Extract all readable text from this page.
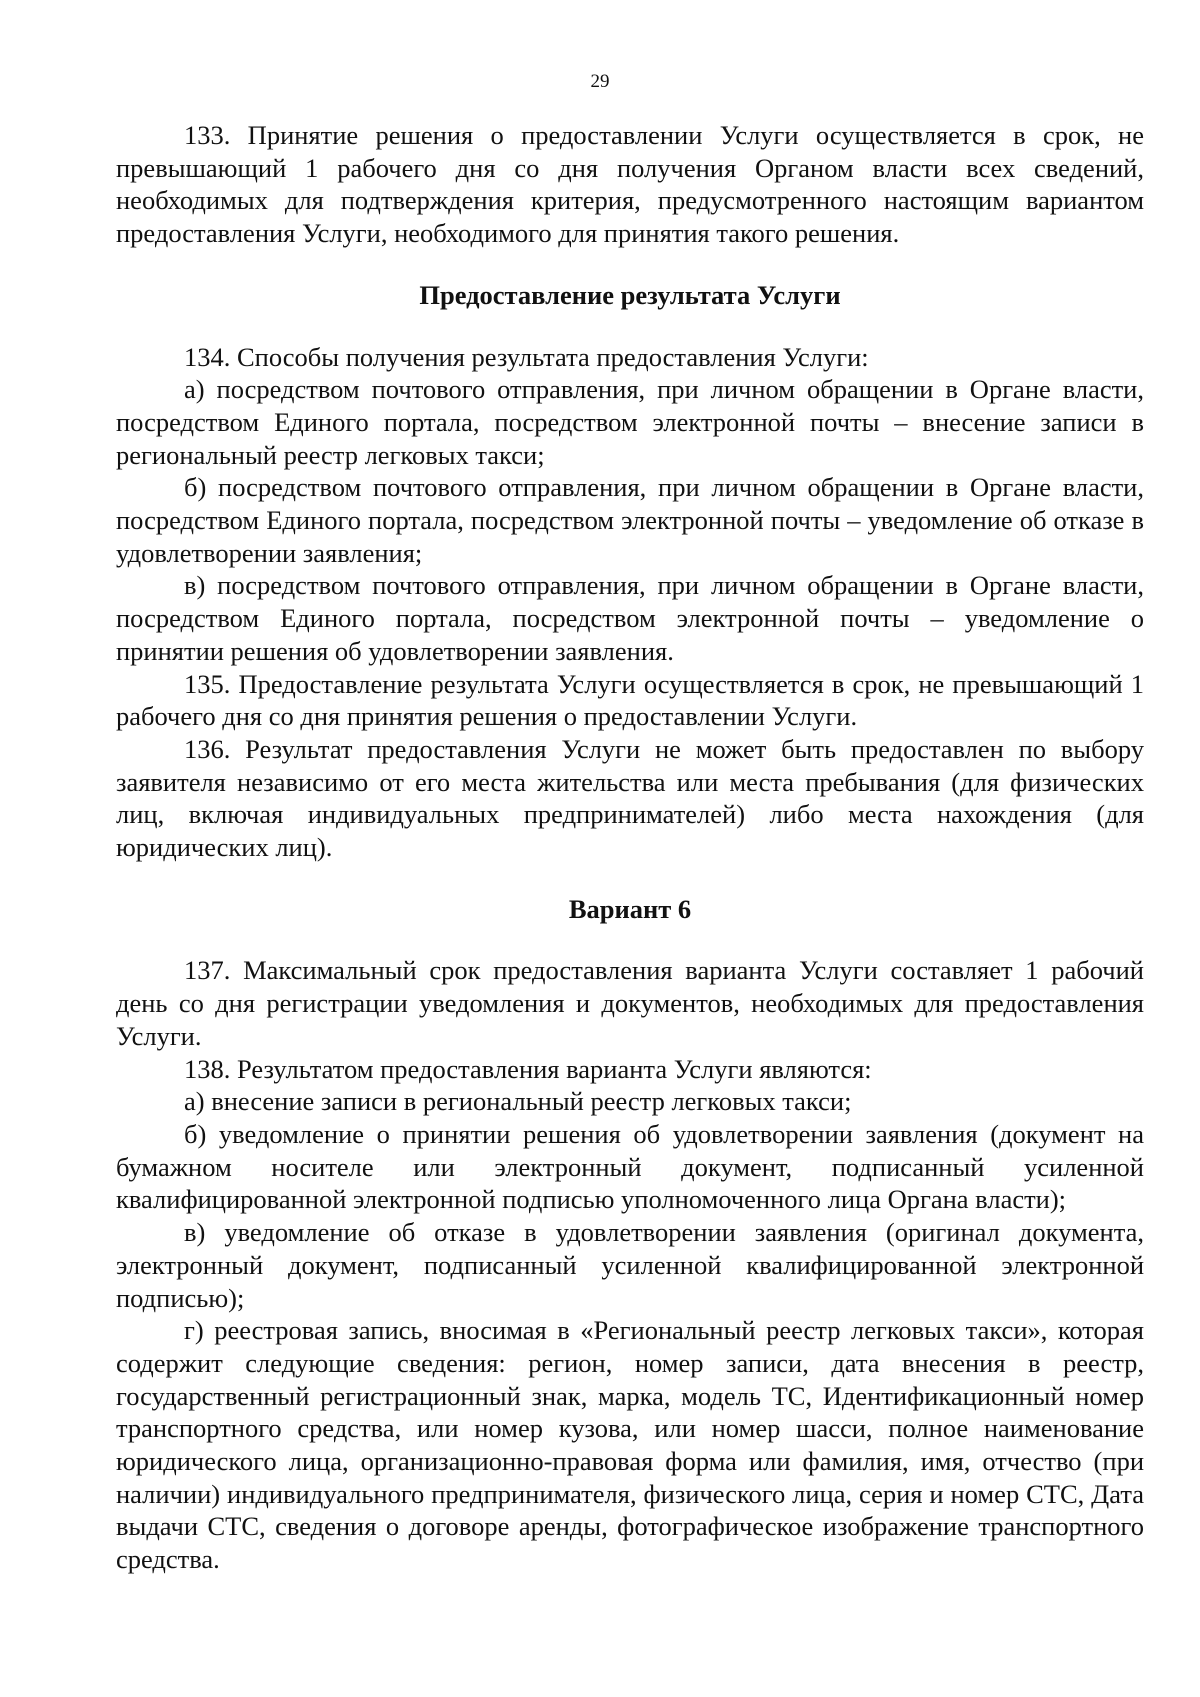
29

133. Принятие решения о предоставлении Услуги осуществляется в срок, не превышающий 1 рабочего дня со дня получения Органом власти всех сведений, необходимых для подтверждения критерия, предусмотренного настоящим вариантом предоставления Услуги, необходимого для принятия такого решения.

Предоставление результата Услуги

134. Способы получения результата предоставления Услуги:

а) посредством почтового отправления, при личном обращении в Органе власти, посредством Единого портала, посредством электронной почты – внесение записи в региональный реестр легковых такси;

б) посредством почтового отправления, при личном обращении в Органе власти, посредством Единого портала, посредством электронной почты – уведомление об отказе в удовлетворении заявления;

в) посредством почтового отправления, при личном обращении в Органе власти, посредством Единого портала, посредством электронной почты – уведомление о принятии решения об удовлетворении заявления.

135. Предоставление результата Услуги осуществляется в срок, не превышающий 1 рабочего дня со дня принятия решения о предоставлении Услуги.

136. Результат предоставления Услуги не может быть предоставлен по выбору заявителя независимо от его места жительства или места пребывания (для физических лиц, включая индивидуальных предпринимателей) либо места нахождения (для юридических лиц).

Вариант 6

137. Максимальный срок предоставления варианта Услуги составляет 1 рабочий день со дня регистрации уведомления и документов, необходимых для предоставления Услуги.

138. Результатом предоставления варианта Услуги являются:

а) внесение записи в региональный реестр легковых такси;

б) уведомление о принятии решения об удовлетворении заявления (документ на бумажном носителе или электронный документ, подписанный усиленной квалифицированной электронной подписью уполномоченного лица Органа власти);

в) уведомление об отказе в удовлетворении заявления (оригинал документа, электронный документ, подписанный усиленной квалифицированной электронной подписью);

г) реестровая запись, вносимая в «Региональный реестр легковых такси», которая содержит следующие сведения: регион, номер записи, дата внесения в реестр, государственный регистрационный знак, марка, модель ТС, Идентификационный номер транспортного средства, или номер кузова, или номер шасси, полное наименование юридического лица, организационно-правовая форма или фамилия, имя, отчество (при наличии) индивидуального предпринимателя, физического лица, серия и номер СТС, Дата выдачи СТС, сведения о договоре аренды, фотографическое изображение транспортного средства.
